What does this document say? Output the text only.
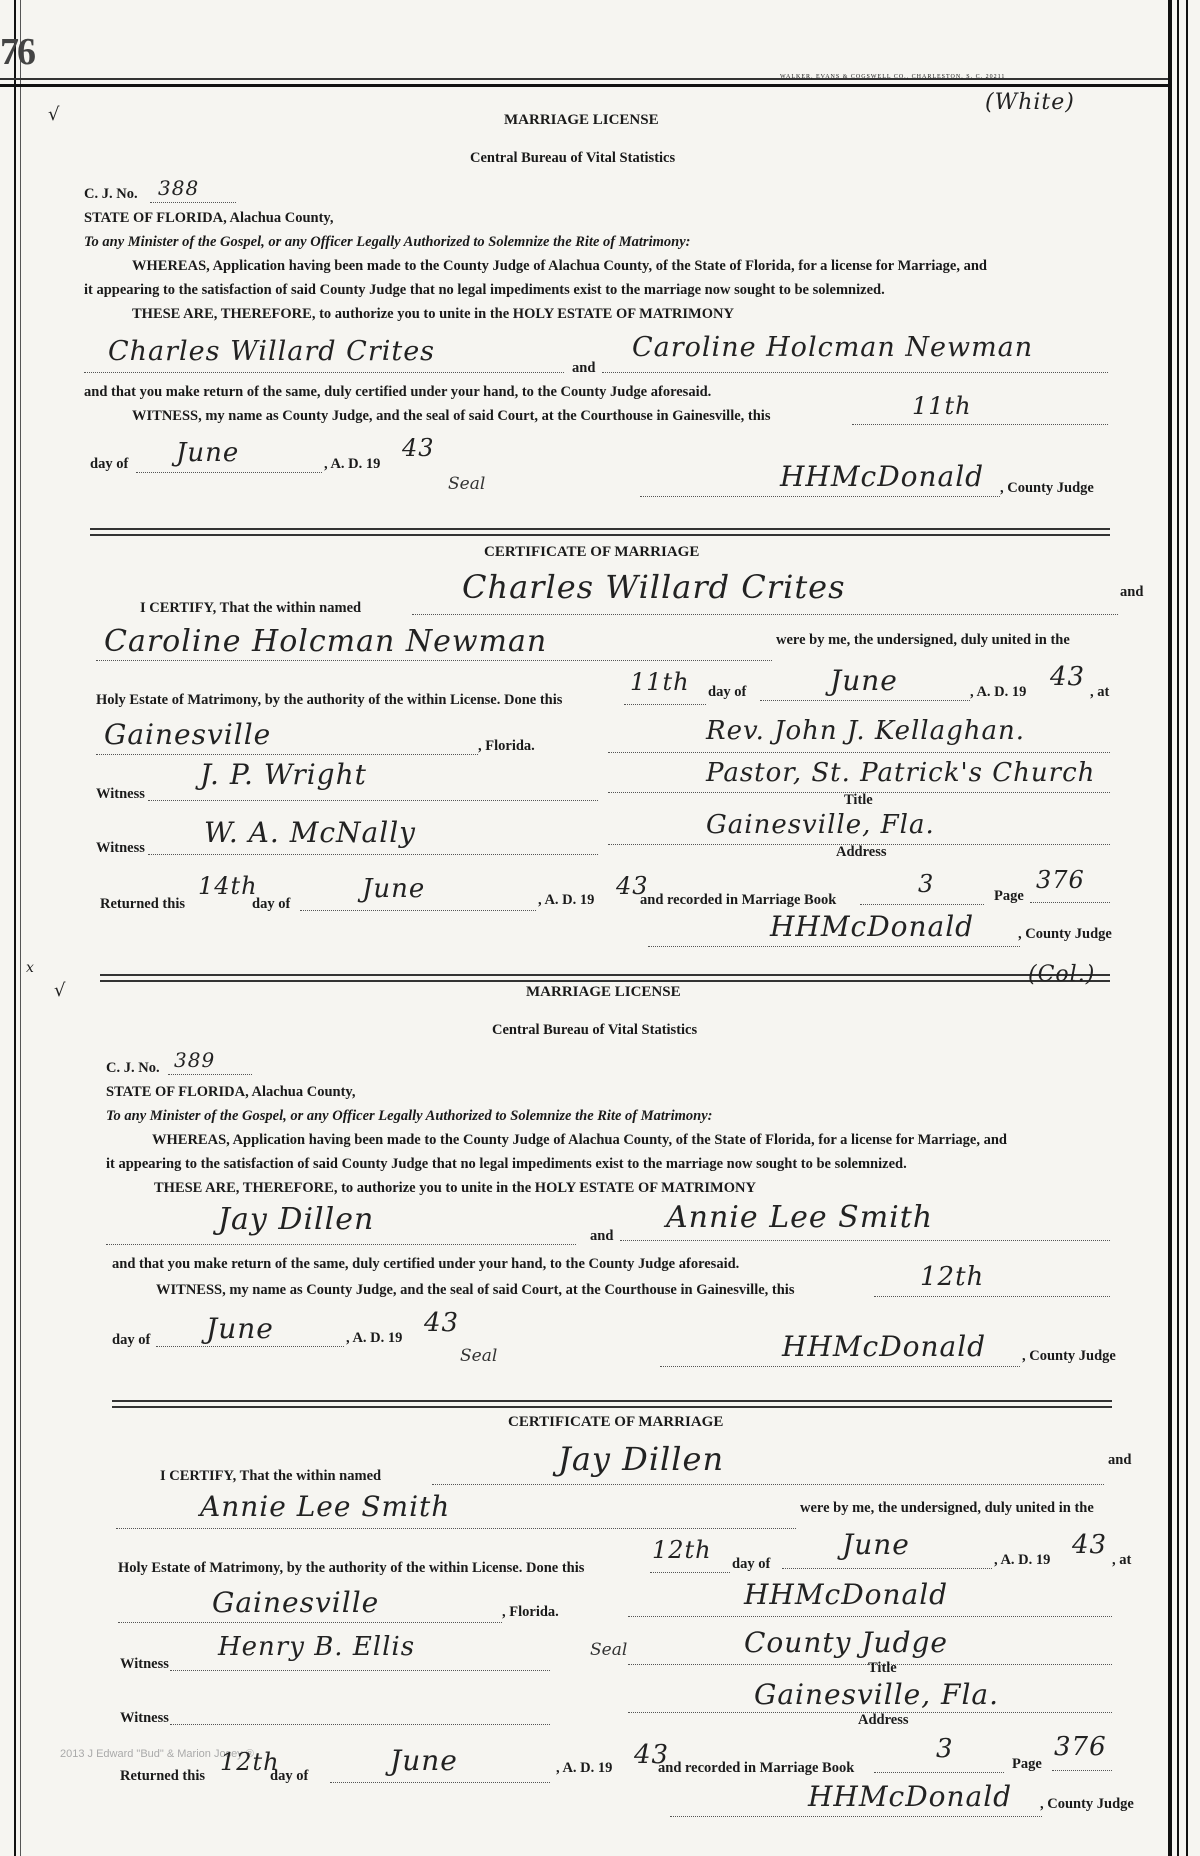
76
WALKER, EVANS & COGSWELL CO., CHARLESTON, S. C. 20211
√	(White)
MARRIAGE LICENSE
Central Bureau of Vital Statistics
C. J. No. 388
STATE OF FLORIDA, Alachua County,
To any Minister of the Gospel, or any Officer Legally Authorized to Solemnize the Rite of Matrimony:
WHEREAS, Application having been made to the County Judge of Alachua County, of the State of Florida, for a license for Marriage, and
it appearing to the satisfaction of said County Judge that no legal impediments exist to the marriage now sought to be solemnized.
THESE ARE, THEREFORE, to authorize you to unite in the HOLY ESTATE OF MATRIMONY
Charles Willard Crites
and
Caroline Holcman Newman
and that you make return of the same, duly certified under your hand, to the County Judge aforesaid.
WITNESS, my name as County Judge, and the seal of said Court, at the Courthouse in Gainesville, this	11th
day of June	, A. D. 19
43
Seal	HHMcDonald , County Judge
CERTIFICATE OF MARRIAGE
I CERTIFY, That the within named
Charles Willard Crites	and
Caroline Holcman Newman	were by me, the undersigned, duly united in the
Holy Estate of Matrimony, by the authority of the within License. Done this
11th day of	June	, A. D. 19 43 , at
Gainesville	, Florida.	Rev. John J. Kellaghan.
Witness
J. P. Wright	Pastor, St. Patrick's Church
Title
Witness W. A. McNally	Gainesville, Fla.
Address
Returned this
14th
day of	June	, A. D. 19 43
and recorded in Marriage Book
3	Page
376
HHMcDonald	, County Judge
x
√
(Col.)
MARRIAGE LICENSE
Central Bureau of Vital Statistics
C. J. No. 389
STATE OF FLORIDA, Alachua County,
To any Minister of the Gospel, or any Officer Legally Authorized to Solemnize the Rite of Matrimony:
WHEREAS, Application having been made to the County Judge of Alachua County, of the State of Florida, for a license for Marriage, and
it appearing to the satisfaction of said County Judge that no legal impediments exist to the marriage now sought to be solemnized.
THESE ARE, THEREFORE, to authorize you to unite in the HOLY ESTATE OF MATRIMONY
Jay Dillen	and
Annie Lee Smith
and that you make return of the same, duly certified under your hand, to the County Judge aforesaid.
WITNESS, my name as County Judge, and the seal of said Court, at the Courthouse in Gainesville, this	12th
day of June	, A. D. 19 43
Seal	HHMcDonald , County Judge
CERTIFICATE OF MARRIAGE
I CERTIFY, That the within named	Jay Dillen	and
Annie Lee Smith	were by me, the undersigned, duly united in the
Holy Estate of Matrimony, by the authority of the within License. Done this
12th day of
June	, A. D. 19 43 , at
Gainesville	, Florida.
HHMcDonald
Witness
Henry B. Ellis	Seal	County Judge
Title
Witness
Gainesville, Fla.
Address
2013 J Edward "Bud" & Marion Josey ®
Returned this 12th
day of	June	, A. D. 19 43
and recorded in Marriage Book
3	Page
376
HHMcDonald , County Judge
